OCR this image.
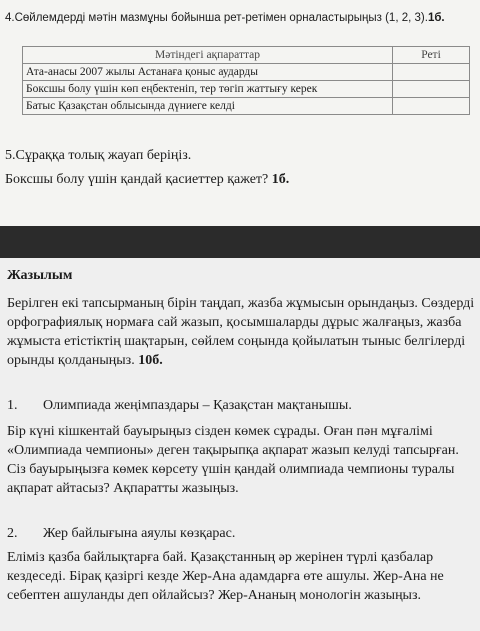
4.Сөйлемдерді мәтін мазмұны бойынша рет-ретімен орналастырыңыз (1, 2, 3).1б.
Мәтіндегі ақпараттар	Реті
Ата-анасы 2007 жылы Астанаға қоныс аударды	
Боксшы болу үшін көп еңбектеніп, тер төгіп жаттығу керек	
Батыс Қазақстан облысында дүниеге келді	
5.Сұраққа толық жауап беріңіз.
Боксшы болу үшін қандай қасиеттер қажет? 1б.
Жазылым
Берілген екі тапсырманың бірін таңдап, жазба жұмысын орындаңыз. Сөздерді орфографиялық нормаға сай жазып, қосымшаларды дұрыс жалғаңыз, жазба жұмыста етістіктің шақтарын, сөйлем соңында қойылатын тыныс белгілерді орынды қолданыңыз. 10б.
1. Олимпиада жеңімпаздары – Қазақстан мақтанышы.
Бір күні кішкентай бауырыңыз сізден көмек сұрады. Оған пән мұғалімі «Олимпиада чемпионы» деген тақырыпқа ақпарат жазып келуді тапсырған. Сіз бауырыңызға көмек көрсету үшін қандай олимпиада чемпионы туралы ақпарат айтасыз? Ақпаратты жазыңыз.
2. Жер байлығына аяулы көзқарас.
Еліміз қазба байлықтарға бай. Қазақстанның әр жерінен түрлі қазбалар кездеседі. Бірақ қазіргі кезде Жер-Ана адамдарға өте ашулы. Жер-Ана не себептен ашуланды деп ойлайсыз? Жер-Ананың монологін жазыңыз.
